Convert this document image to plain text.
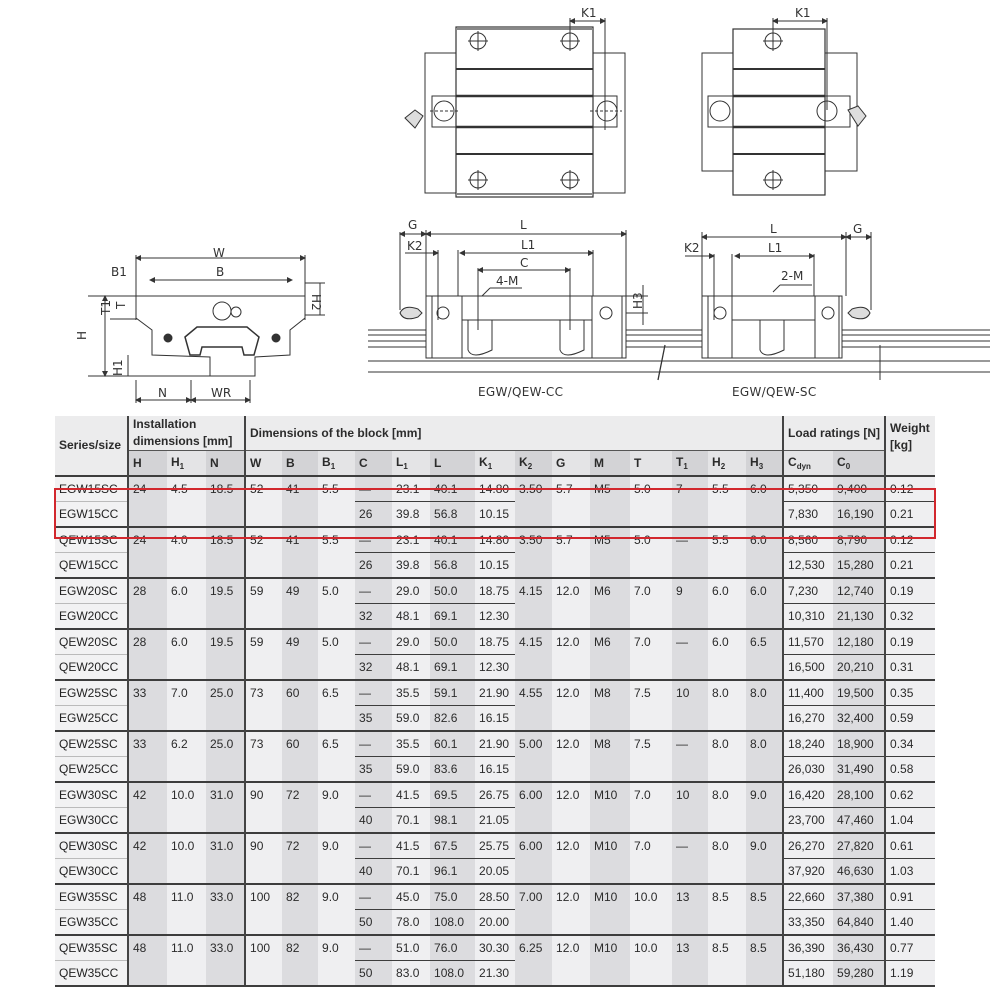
K1	K1
W
B
B1
T1 T
H
H1
H2
N	WR
G	L
K2	L1
C
4-M
H3
EGW/QEW-CC
L	G
K2	L1
2-M
EGW/QEW-SC
Series/size	Installation dimensions [mm]			Dimensions of the block [mm]														Load ratings [N]		Weight [kg]
	H	$H_1$	N	W	B	$B_1$	C	$L_1$	L	$K_1$	$K_2$	G	M	T	$T_1$	$H_2$	$H_3$	$C_{dyn}$	$C_0$
EGW15SC	24	4.5	18.5	52	41	5.5	—	23.1	40.1	14.80	3.50	5.7	M5	5.0	7	5.5	6.0	5,350	9,400	0.12
EGW15CC							26	39.8	56.8	10.15								7,830	16,190	0.21
QEW15SC	24	4.0	18.5	52	41	5.5	—	23.1	40.1	14.80	3.50	5.7	M5	5.0	—	5.5	6.0	8,560	8,790	0.12
QEW15CC							26	39.8	56.8	10.15								12,530	15,280	0.21
EGW20SC	28	6.0	19.5	59	49	5.0	—	29.0	50.0	18.75	4.15	12.0	M6	7.0	9	6.0	6.0	7,230	12,740	0.19
EGW20CC							32	48.1	69.1	12.30								10,310	21,130	0.32
QEW20SC	28	6.0	19.5	59	49	5.0	—	29.0	50.0	18.75	4.15	12.0	M6	7.0	—	6.0	6.5	11,570	12,180	0.19
QEW20CC							32	48.1	69.1	12.30								16,500	20,210	0.31
EGW25SC	33	7.0	25.0	73	60	6.5	—	35.5	59.1	21.90	4.55	12.0	M8	7.5	10	8.0	8.0	11,400	19,500	0.35
EGW25CC							35	59.0	82.6	16.15								16,270	32,400	0.59
QEW25SC	33	6.2	25.0	73	60	6.5	—	35.5	60.1	21.90	5.00	12.0	M8	7.5	—	8.0	8.0	18,240	18,900	0.34
QEW25CC							35	59.0	83.6	16.15								26,030	31,490	0.58
EGW30SC	42	10.0	31.0	90	72	9.0	—	41.5	69.5	26.75	6.00	12.0	M10	7.0	10	8.0	9.0	16,420	28,100	0.62
EGW30CC							40	70.1	98.1	21.05								23,700	47,460	1.04
QEW30SC	42	10.0	31.0	90	72	9.0	—	41.5	67.5	25.75	6.00	12.0	M10	7.0	—	8.0	9.0	26,270	27,820	0.61
QEW30CC							40	70.1	96.1	20.05								37,920	46,630	1.03
EGW35SC	48	11.0	33.0	100	82	9.0	—	45.0	75.0	28.50	7.00	12.0	M10	10.0	13	8.5	8.5	22,660	37,380	0.91
EGW35CC							50	78.0	108.0	20.00								33,350	64,840	1.40
QEW35SC	48	11.0	33.0	100	82	9.0	—	51.0	76.0	30.30	6.25	12.0	M10	10.0	13	8.5	8.5	36,390	36,430	0.77
QEW35CC							50	83.0	108.0	21.30								51,180	59,280	1.19
